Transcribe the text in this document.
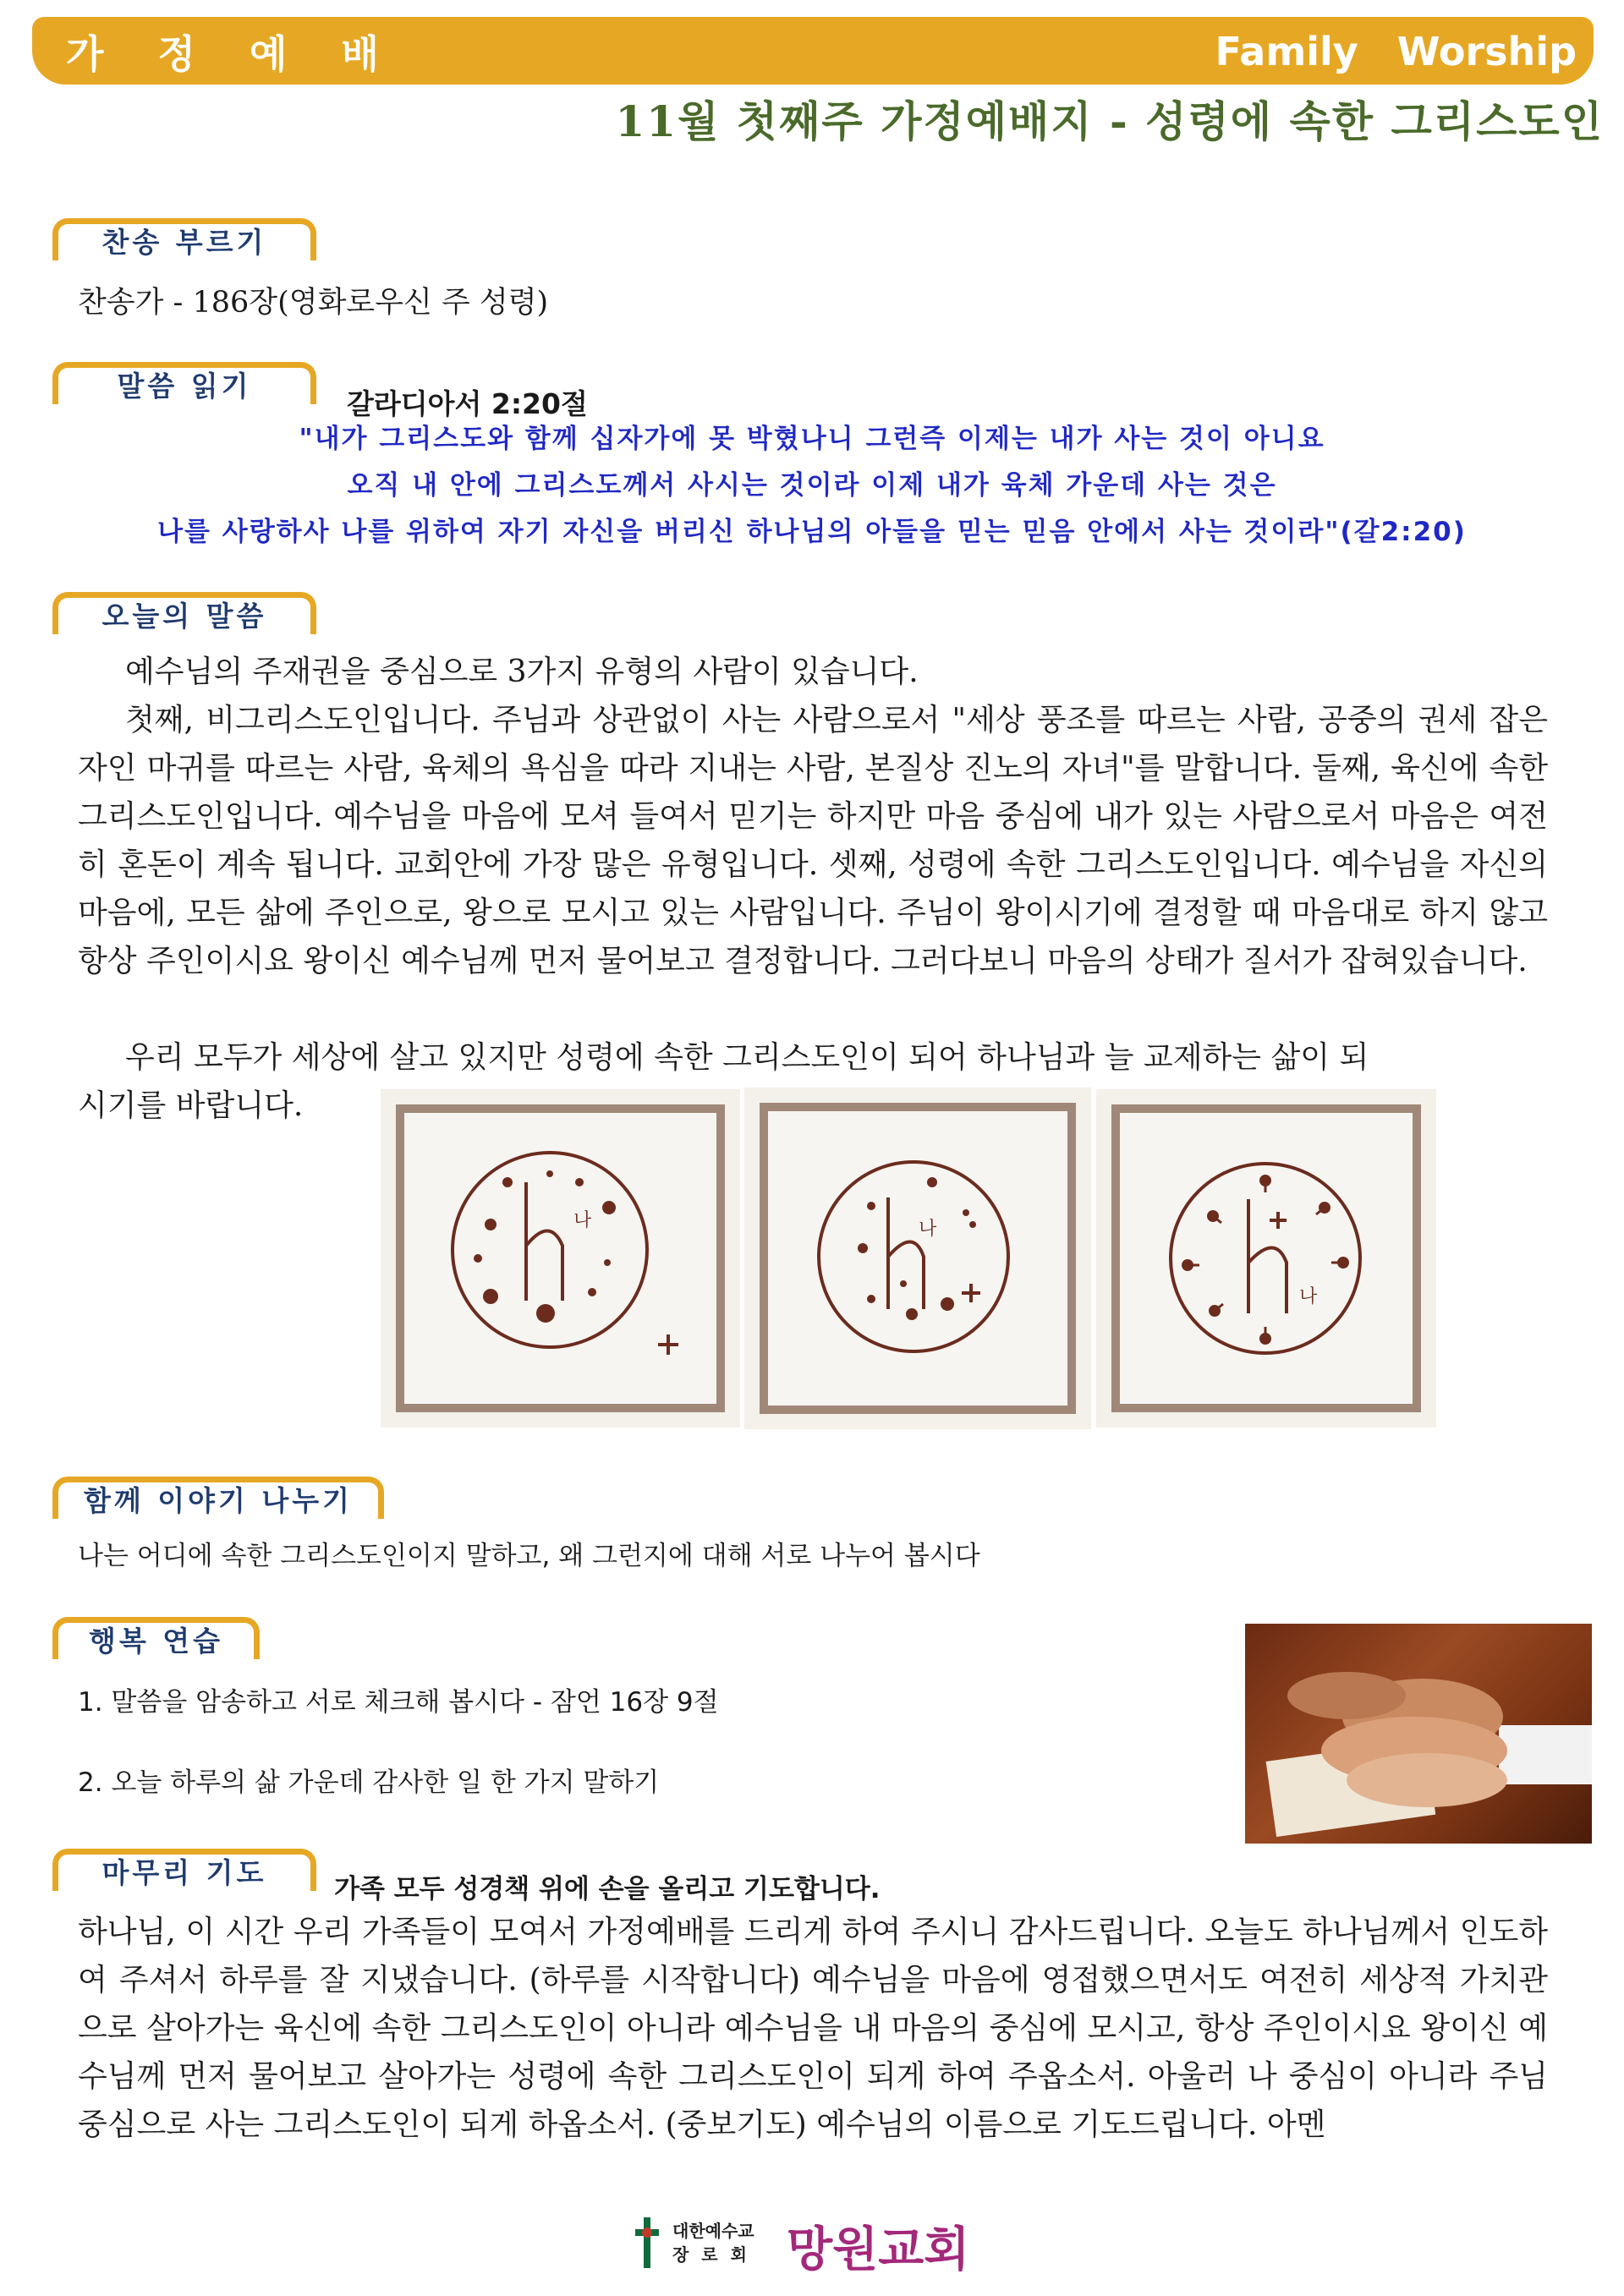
가 정 예 배	Family Worship
11월 첫째주 가정예배지 - 성령에 속한 그리스도인
찬송 부르기
찬송가 - 186장(영화로우신 주 성령)
말씀 읽기
갈라디아서 2:20절
"내가 그리스도와 함께 십자가에 못 박혔나니 그런즉 이제는 내가 사는 것이 아니요
오직 내 안에 그리스도께서 사시는 것이라 이제 내가 육체 가운데 사는 것은
나를 사랑하사 나를 위하여 자기 자신을 버리신 하나님의 아들을 믿는 믿음 안에서 사는 것이라"(갈2:20)
오늘의 말씀
예수님의 주재권을 중심으로 3가지 유형의 사람이 있습니다.
첫째, 비그리스도인입니다. 주님과 상관없이 사는 사람으로서 "세상 풍조를 따르는 사람, 공중의 권세 잡은 자인 마귀를 따르는 사람, 육체의 욕심을 따라 지내는 사람, 본질상 진노의 자녀"를 말합니다. 둘째, 육신에 속한 그리스도인입니다. 예수님을 마음에 모셔 들여서 믿기는 하지만 마음 중심에 내가 있는 사람으로서 마음은 여전히 혼돈이 계속 됩니다. 교회안에 가장 많은 유형입니다. 셋째, 성령에 속한 그리스도인입니다. 예수님을 자신의 마음에, 모든 삶에 주인으로, 왕으로 모시고 있는 사람입니다. 주님이 왕이시기에 결정할 때 마음대로 하지 않고 항상 주인이시요 왕이신 예수님께 먼저 물어보고 결정합니다. 그러다보니 마음의 상태가 질서가 잡혀있습니다.
우리 모두가 세상에 살고 있지만 성령에 속한 그리스도인이 되어 하나님과 늘 교제하는 삶이 되
시기를 바랍니다.
나	나
나
함께 이야기 나누기
나는 어디에 속한 그리스도인이지 말하고, 왜 그런지에 대해 서로 나누어 봅시다
행복 연습
1. 말씀을 암송하고 서로 체크해 봅시다 - 잠언 16장 9절
2. 오늘 하루의 삶 가운데 감사한 일 한 가지 말하기
마무리 기도	가족 모두 성경책 위에 손을 올리고 기도합니다.
하나님, 이 시간 우리 가족들이 모여서 가정예배를 드리게 하여 주시니 감사드립니다. 오늘도 하나님께서 인도하여 주셔서 하루를 잘 지냈습니다. (하루를 시작합니다) 예수님을 마음에 영접했으면서도 여전히 세상적 가치관으로 살아가는 육신에 속한 그리스도인이 아니라 예수님을 내 마음의 중심에 모시고, 항상 주인이시요 왕이신 예수님께 먼저 물어보고 살아가는 성령에 속한 그리스도인이 되게 하여 주옵소서. 아울러 나 중심이 아니라 주님 중심으로 사는 그리스도인이 되게 하옵소서. (중보기도) 예수님의 이름으로 기도드립니다. 아멘
대한예수교
장 로 회 망원교회
